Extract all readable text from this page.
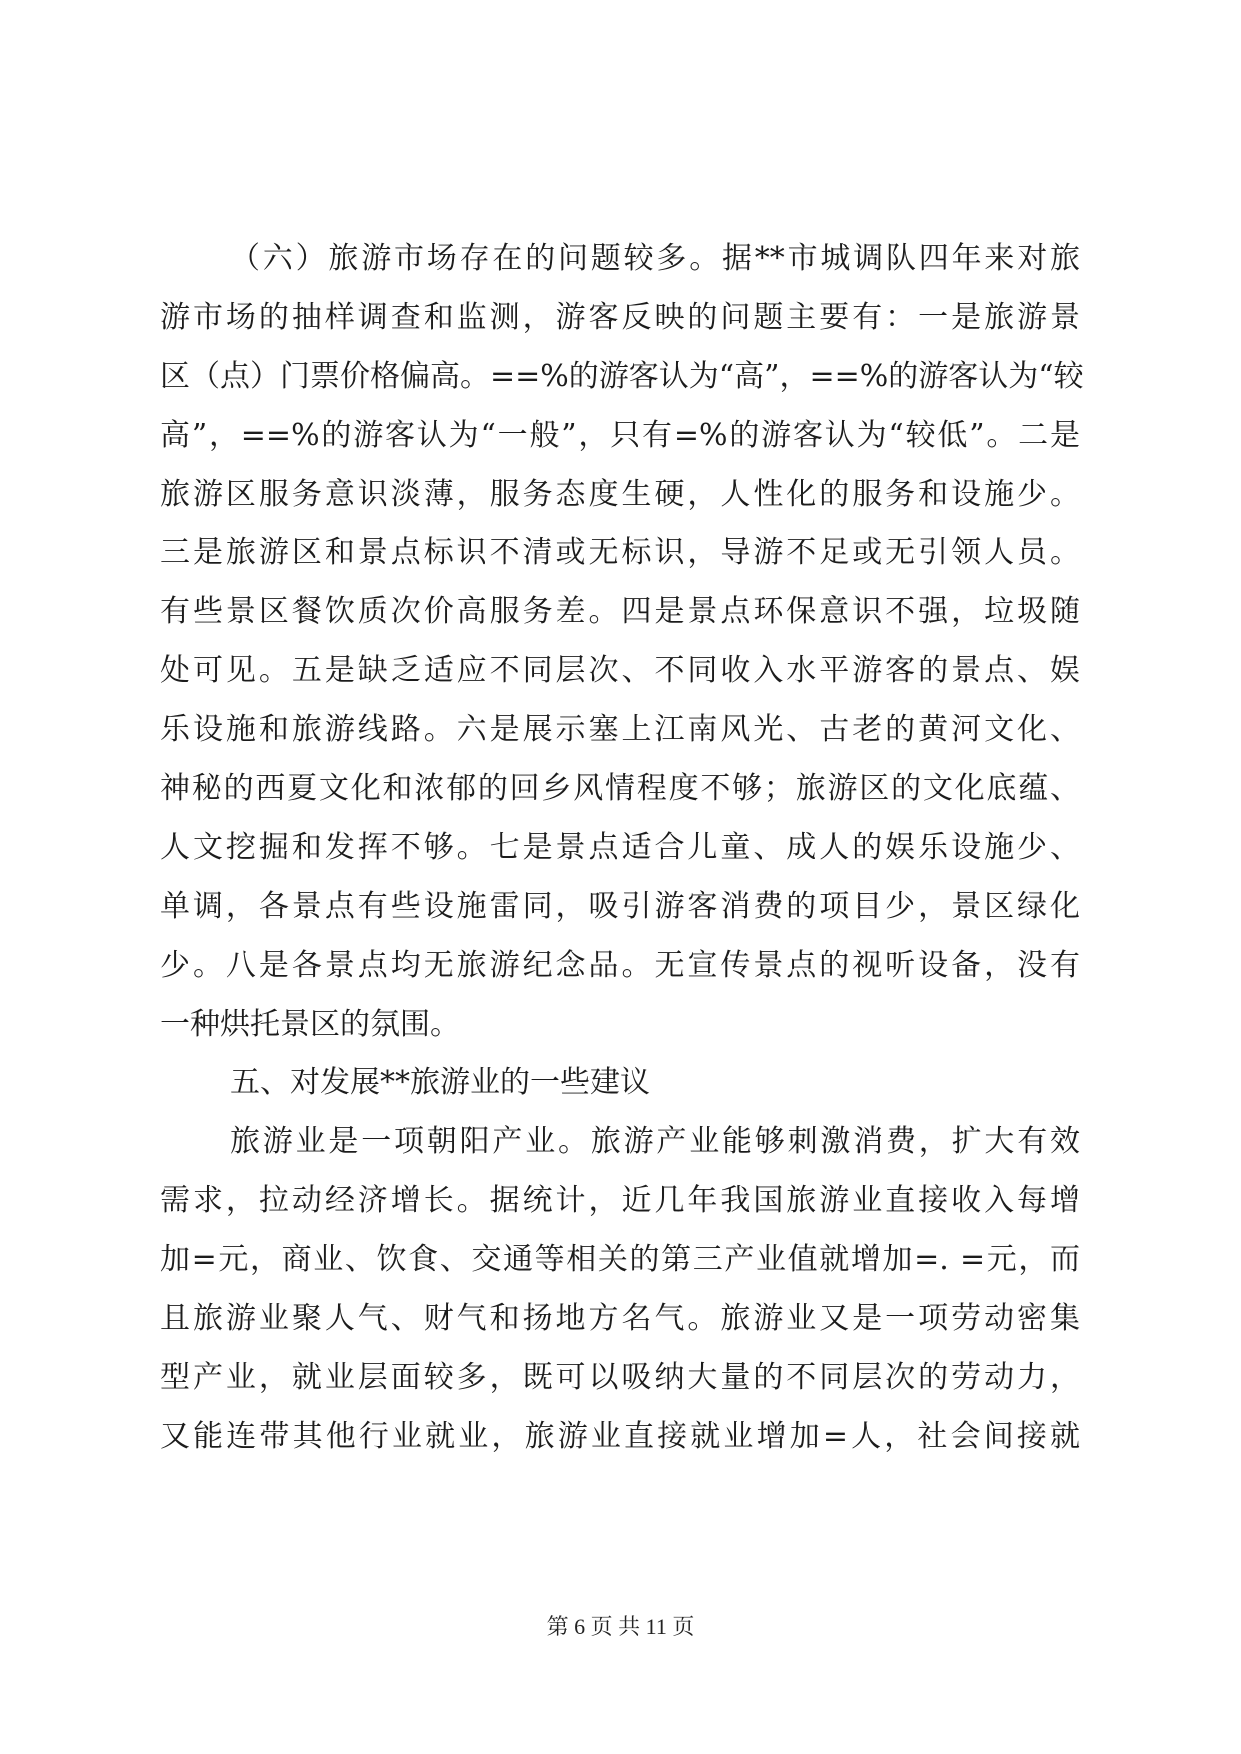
（六）旅游市场存在的问题较多。据**市城调队四年来对旅
游市场的抽样调查和监测，游客反映的问题主要有：一是旅游景
区（点）门票价格偏高。==%的游客认为“高”，==%的游客认为“较
高”，==%的游客认为“一般”，只有=%的游客认为“较低”。二是
旅游区服务意识淡薄，服务态度生硬，人性化的服务和设施少。
三是旅游区和景点标识不清或无标识，导游不足或无引领人员。
有些景区餐饮质次价高服务差。四是景点环保意识不强，垃圾随
处可见。五是缺乏适应不同层次、不同收入水平游客的景点、娱
乐设施和旅游线路。六是展示塞上江南风光、古老的黄河文化、
神秘的西夏文化和浓郁的回乡风情程度不够；旅游区的文化底蕴、
人文挖掘和发挥不够。七是景点适合儿童、成人的娱乐设施少、
单调，各景点有些设施雷同，吸引游客消费的项目少，景区绿化
少。八是各景点均无旅游纪念品。无宣传景点的视听设备，没有
一种烘托景区的氛围。
五、对发展**旅游业的一些建议
旅游业是一项朝阳产业。旅游产业能够刺激消费，扩大有效
需求，拉动经济增长。据统计，近几年我国旅游业直接收入每增
加=元，商业、饮食、交通等相关的第三产业值就增加=. =元，而
且旅游业聚人气、财气和扬地方名气。旅游业又是一项劳动密集
型产业，就业层面较多，既可以吸纳大量的不同层次的劳动力，
又能连带其他行业就业，旅游业直接就业增加=人，社会间接就
第 6 页 共 11 页
